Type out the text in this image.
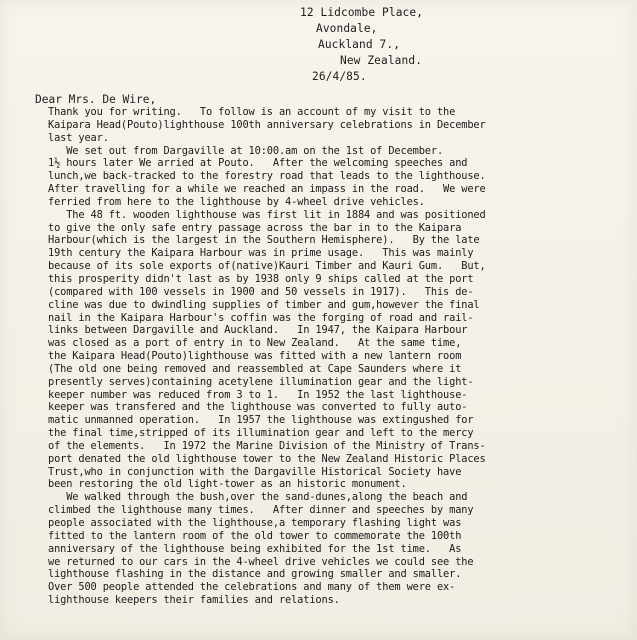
12 Lidcombe Place,
Avondale,
Auckland 7.,
New Zealand.
26/4/85.
Dear Mrs. De Wire,
Thank you for writing.   To follow is an account of my visit to the
Kaipara Head(Pouto)lighthouse 100th anniversary celebrations in December
last year.
We set out from Dargaville at 10:00.am on the 1st of December.
1½ hours later We arried at Pouto.   After the welcoming speeches and
lunch,we back-tracked to the forestry road that leads to the lighthouse.
After travelling for a while we reached an impass in the road.   We were
ferried from here to the lighthouse by 4-wheel drive vehicles.
The 48 ft. wooden lighthouse was first lit in 1884 and was positioned
to give the only safe entry passage across the bar in to the Kaipara
Harbour(which is the largest in the Southern Hemisphere).   By the late
19th century the Kaipara Harbour was in prime usage.   This was mainly
because of its sole exports of(native)Kauri Timber and Kauri Gum.   But,
this prosperity didn't last as by 1938 only 9 ships called at the port
(compared with 100 vessels in 1900 and 50 vessels in 1917).   This de-
cline was due to dwindling supplies of timber and gum,however the final
nail in the Kaipara Harbour's coffin was the forging of road and rail-
links between Dargaville and Auckland.   In 1947, the Kaipara Harbour
was closed as a port of entry in to New Zealand.   At the same time,
the Kaipara Head(Pouto)lighthouse was fitted with a new lantern room
(The old one being removed and reassembled at Cape Saunders where it
presently serves)containing acetylene illumination gear and the light-
keeper number was reduced from 3 to 1.   In 1952 the last lighthouse-
keeper was transfered and the lighthouse was converted to fully auto-
matic unmanned operation.   In 1957 the lighthouse was extingushed for
the final time,stripped of its illumination gear and left to the mercy
of the elements.   In 1972 the Marine Division of the Ministry of Trans-
port denated the old lighthouse tower to the New Zealand Historic Places
Trust,who in conjunction with the Dargaville Historical Society have
been restoring the old light-tower as an historic monument.
We walked through the bush,over the sand-dunes,along the beach and
climbed the lighthouse many times.   After dinner and speeches by many
people associated with the lighthouse,a temporary flashing light was
fitted to the lantern room of the old tower to commemorate the 100th
anniversary of the lighthouse being exhibited for the 1st time.   As
we returned to our cars in the 4-wheel drive vehicles we could see the
lighthouse flashing in the distance and growing smaller and smaller.
Over 500 people attended the celebrations and many of them were ex-
lighthouse keepers their families and relations.
